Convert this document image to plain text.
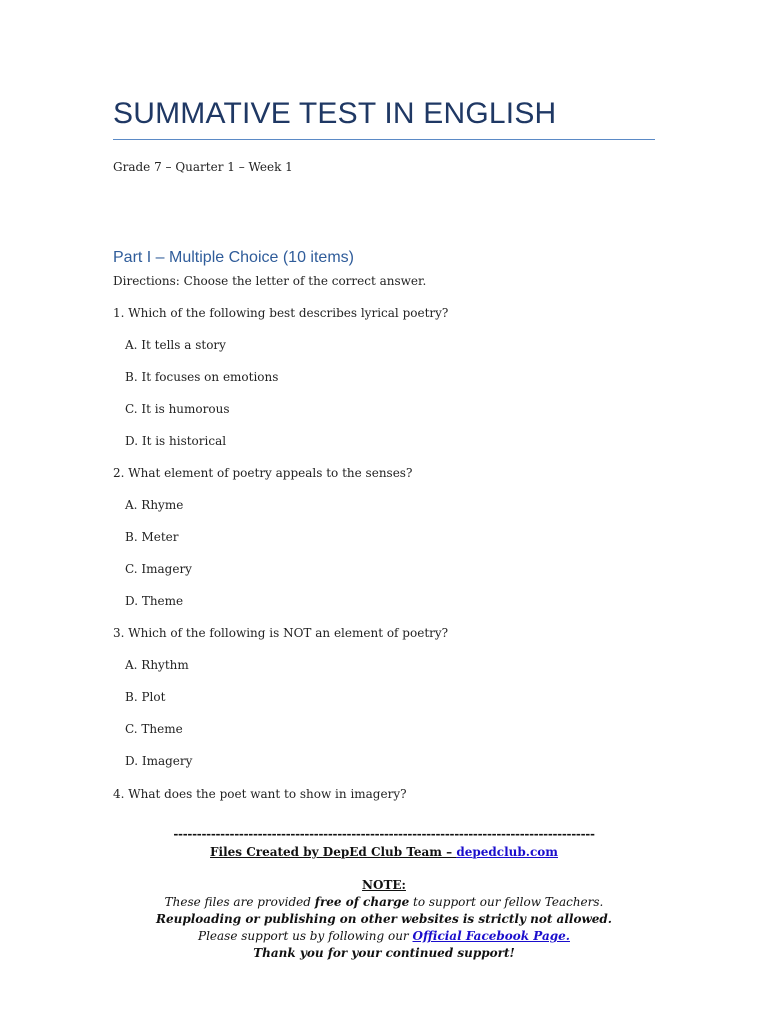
SUMMATIVE TEST IN ENGLISH
Grade 7 – Quarter 1 – Week 1
Part I – Multiple Choice (10 items)
Directions: Choose the letter of the correct answer.
1. Which of the following best describes lyrical poetry?
A. It tells a story
B. It focuses on emotions
C. It is humorous
D. It is historical
2. What element of poetry appeals to the senses?
A. Rhyme
B. Meter
C. Imagery
D. Theme
3. Which of the following is NOT an element of poetry?
A. Rhythm
B. Plot
C. Theme
D. Imagery
4. What does the poet want to show in imagery?
------------------------------------------------------------------------------------------
Files Created by DepEd Club Team – depedclub.com
NOTE:
These files are provided free of charge to support our fellow Teachers.
Reuploading or publishing on other websites is strictly not allowed.
Please support us by following our Official Facebook Page.
Thank you for your continued support!
